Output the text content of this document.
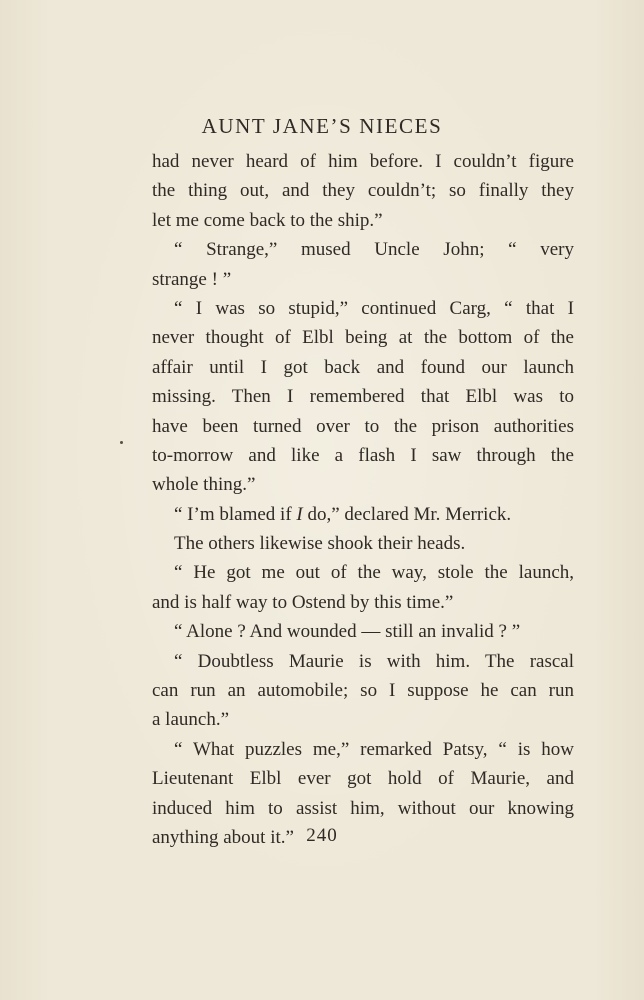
AUNT JANE’S NIECES
had never heard of him before. I couldn’t figure
the thing out, and they couldn’t; so finally they
let me come back to the ship.”
“ Strange,” mused Uncle John; “ very
strange ! ”
“ I was so stupid,” continued Carg, “ that I
never thought of Elbl being at the bottom of the
affair until I got back and found our launch
missing. Then I remembered that Elbl was to
have been turned over to the prison authorities
to-morrow and like a flash I saw through the
whole thing.”
“ I’m blamed if I do,” declared Mr. Merrick.
The others likewise shook their heads.
“ He got me out of the way, stole the launch,
and is half way to Ostend by this time.”
“ Alone ? And wounded — still an invalid ? ”
“ Doubtless Maurie is with him. The rascal
can run an automobile; so I suppose he can run
a launch.”
“ What puzzles me,” remarked Patsy, “ is how
Lieutenant Elbl ever got hold of Maurie, and
induced him to assist him, without our knowing
anything about it.” 240
